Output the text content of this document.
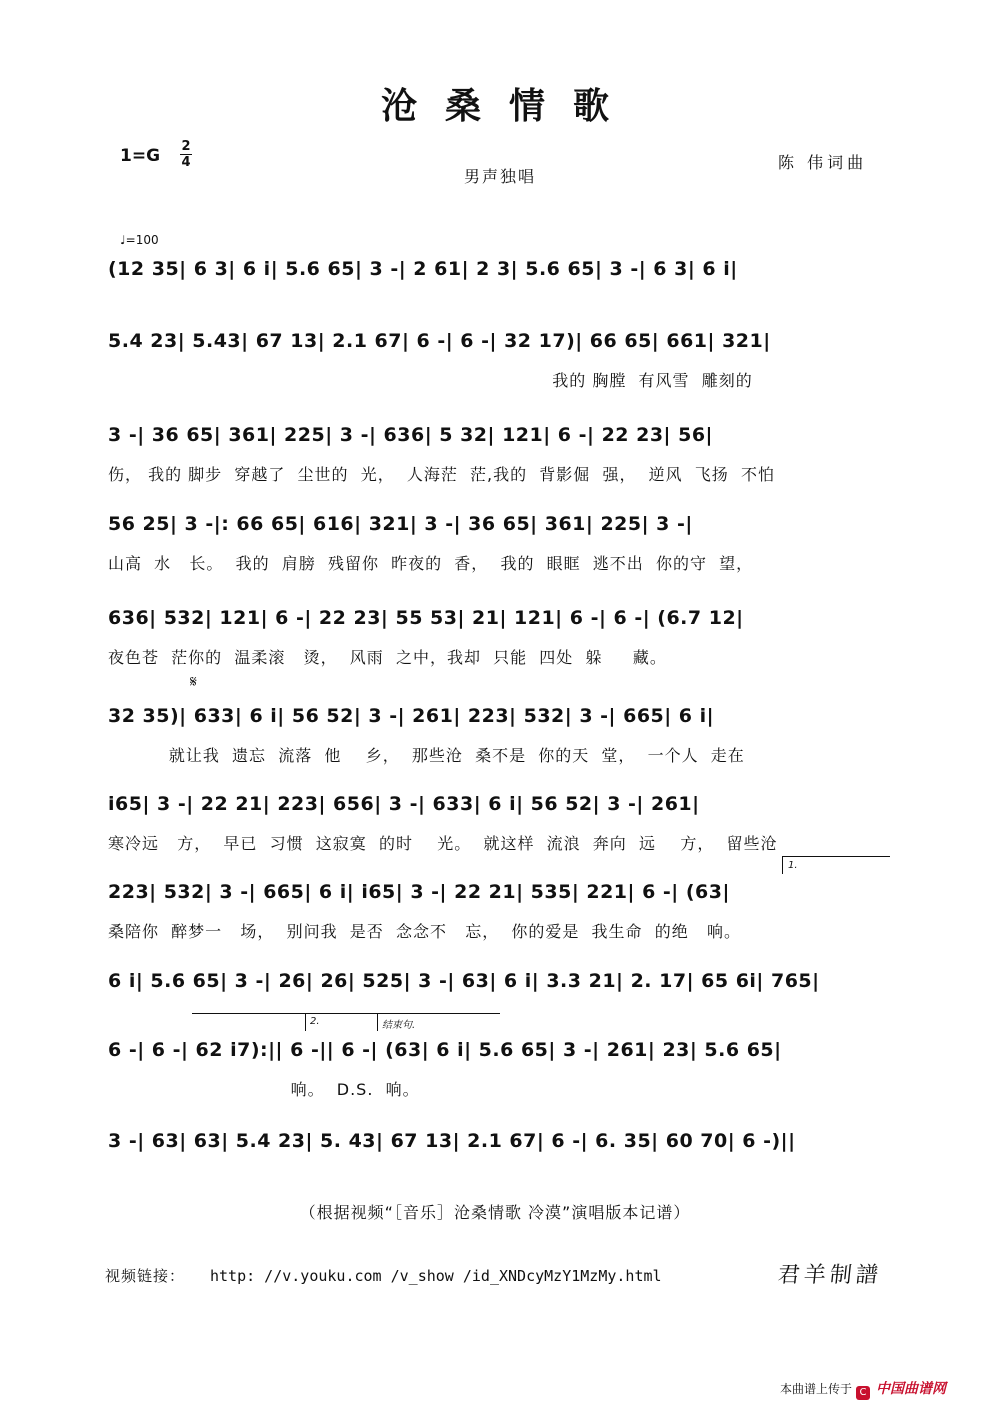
沧桑情歌
1=G 2
4
男声独唱
陈 伟词曲
♩=100
(12 35| 6 3| 6 i| 5.6 65| 3 -| 2 61| 2 3| 5.6 65| 3 -| 6 3| 6 i|
5.4 23| 5.43| 67 13| 2.1 67| 6 -| 6 -| 32 17)| 66 65| 661| 321|
我的 胸膛  有风雪  雕刻的
3 -| 36 65| 361| 225| 3 -| 636| 5 32| 121| 6 -| 22 23| 56|
伤， 我的 脚步  穿越了  尘世的  光，  人海茫  茫,我的  背影倔  强，  逆风  飞扬  不怕
56 25| 3 -|: 66 65| 616| 321| 3 -| 36 65| 361| 225| 3 -|
山高  水   长。  我的  肩膀  残留你  昨夜的  香，  我的  眼眶  逃不出  你的守  望，
636| 532| 121| 6 -| 22 23| 55 53| 21| 121| 6 -| 6 -| (6.7 12|
夜色苍  茫你的  温柔滚   烫，  风雨  之中，我却  只能  四处  躲     藏。
32 35)| 633| 6 i| 56 52| 3 -| 261| 223| 532| 3 -| 665| 6 i|
就让我  遗忘  流落  他    乡，  那些沧  桑不是  你的天  堂，  一个人  走在
i65| 3 -| 22 21| 223| 656| 3 -| 633| 6 i| 56 52| 3 -| 261|
寒冷远   方，  早已  习惯  这寂寞  的时    光。  就这样  流浪  奔向  远    方，  留些沧
223| 532| 3 -| 665| 6 i| i65| 3 -| 22 21| 535| 221| 6 -| (63|
桑陪你  醉梦一   场，  别问我  是否  念念不   忘，  你的爱是  我生命  的绝   响。
6 i| 5.6 65| 3 -| 26| 26| 525| 3 -| 63| 6 i| 3.3 21| 2. 17| 65 6i| 765|
6 -| 6 -| 62 i7):|| 6 -|| 6 -| (63| 6 i| 5.6 65| 3 -| 261| 23| 5.6 65|
响。  D.S.  响。
3 -| 63| 63| 5.4 23| 5. 43| 67 13| 2.1 67| 6 -| 6. 35| 60 70| 6 -)||
𝄋
1.
2.	结束句.
（根据视频“［音乐］沧桑情歌 冷漠”演唱版本记谱）
视频链接： http: //v.youku.com /v_show /id_XNDcyMzY1MzMy.html	君羊制譜
本曲谱上传于 C 中国曲谱网
